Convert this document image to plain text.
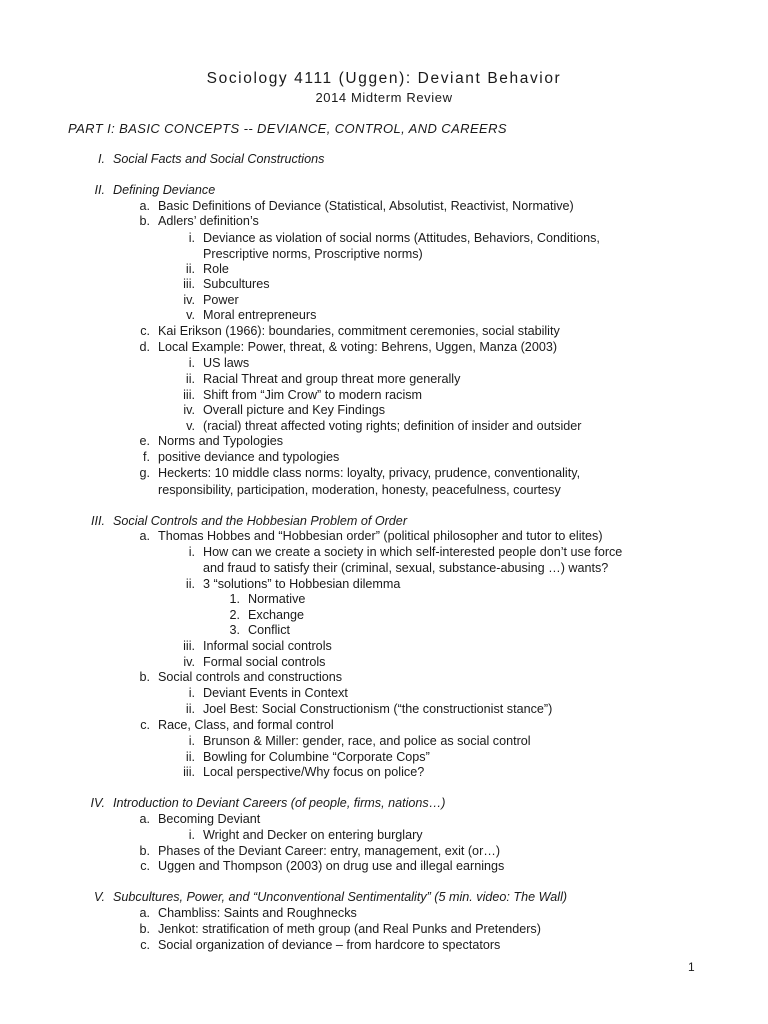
Sociology 4111 (Uggen): Deviant Behavior
2014 Midterm Review
PART I: BASIC CONCEPTS -- DEVIANCE, CONTROL, AND CAREERS
I. Social Facts and Social Constructions
II. Defining Deviance
a. Basic Definitions of Deviance (Statistical, Absolutist, Reactivist, Normative)
b. Adlers’ definition’s
i. Deviance as violation of social norms (Attitudes, Behaviors, Conditions,
Prescriptive norms, Proscriptive norms)
ii. Role
iii. Subcultures
iv. Power
v. Moral entrepreneurs
c. Kai Erikson (1966): boundaries, commitment ceremonies, social stability
d. Local Example: Power, threat, & voting: Behrens, Uggen, Manza (2003)
i. US laws
ii. Racial Threat and group threat more generally
iii. Shift from “Jim Crow” to modern racism
iv. Overall picture and Key Findings
v. (racial) threat affected voting rights; definition of insider and outsider
e. Norms and Typologies
f. positive deviance and typologies
g. Heckerts: 10 middle class norms: loyalty, privacy, prudence, conventionality,
responsibility, participation, moderation, honesty, peacefulness, courtesy
III. Social Controls and the Hobbesian Problem of Order
a. Thomas Hobbes and “Hobbesian order” (political philosopher and tutor to elites)
i. How can we create a society in which self-interested people don’t use force
and fraud to satisfy their (criminal, sexual, substance-abusing …) wants?
ii. 3 “solutions” to Hobbesian dilemma
1. Normative
2. Exchange
3. Conflict
iii. Informal social controls
iv. Formal social controls
b. Social controls and constructions
i. Deviant Events in Context
ii. Joel Best: Social Constructionism (“the constructionist stance”)
c. Race, Class, and formal control
i. Brunson & Miller: gender, race, and police as social control
ii. Bowling for Columbine “Corporate Cops”
iii. Local perspective/Why focus on police?
IV. Introduction to Deviant Careers (of people, firms, nations…)
a. Becoming Deviant
i. Wright and Decker on entering burglary
b. Phases of the Deviant Career: entry, management, exit (or…)
c. Uggen and Thompson (2003) on drug use and illegal earnings
V. Subcultures, Power, and “Unconventional Sentimentality” (5 min. video: The Wall)
a. Chambliss: Saints and Roughnecks
b. Jenkot: stratification of meth group (and Real Punks and Pretenders)
c. Social organization of deviance – from hardcore to spectators
1
